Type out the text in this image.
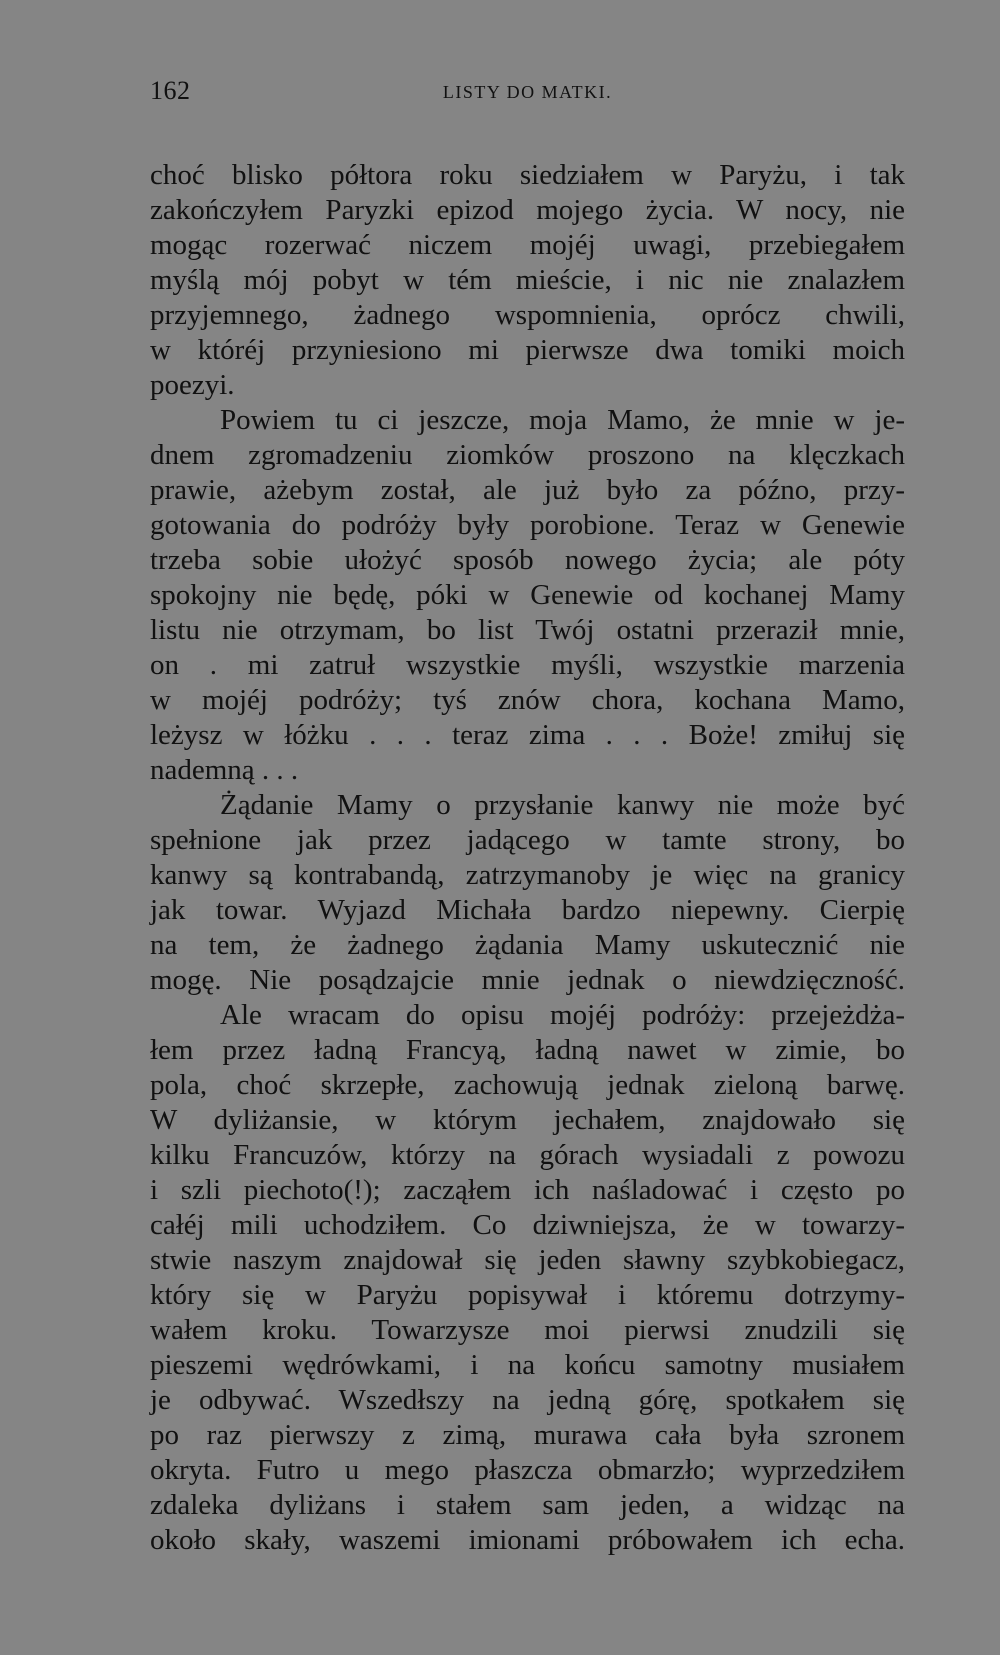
162	LISTY DO MATKI.
choć blisko półtora roku siedziałem w Paryżu, i tak
zakończyłem Paryzki epizod mojego życia. W nocy, nie
mogąc rozerwać niczem mojéj uwagi, przebiegałem
myślą mój pobyt w tém mieście, i nic nie znalazłem
przyjemnego, żadnego wspomnienia, oprócz chwili,
w któréj przyniesiono mi pierwsze dwa tomiki moich
poezyi.
Powiem tu ci jeszcze, moja Mamo, że mnie w je-
dnem zgromadzeniu ziomków proszono na klęczkach
prawie, ażebym został, ale już było za późno, przy-
gotowania do podróży były porobione. Teraz w Genewie
trzeba sobie ułożyć sposób nowego życia; ale póty
spokojny nie będę, póki w Genewie od kochanej Mamy
listu nie otrzymam, bo list Twój ostatni przeraził mnie,
on . mi zatruł wszystkie myśli, wszystkie marzenia
w mojéj podróży; tyś znów chora, kochana Mamo,
leżysz w łóżku . . . teraz zima . . . Boże! zmiłuj się
nademną . . .
Żądanie Mamy o przysłanie kanwy nie może być
spełnione jak przez jadącego w tamte strony, bo
kanwy są kontrabandą, zatrzymanoby je więc na granicy
jak towar. Wyjazd Michała bardzo niepewny. Cierpię
na tem, że żadnego żądania Mamy uskutecznić nie
mogę. Nie posądzajcie mnie jednak o niewdzięczność.
Ale wracam do opisu mojéj podróży: przejeżdża-
łem przez ładną Francyą, ładną nawet w zimie, bo
pola, choć skrzepłe, zachowują jednak zieloną barwę.
W dyliżansie, w którym jechałem, znajdowało się
kilku Francuzów, którzy na górach wysiadali z powozu
i szli piechoto(!); zacząłem ich naśladować i często po
całéj mili uchodziłem. Co dziwniejsza, że w towarzy-
stwie naszym znajdował się jeden sławny szybkobiegacz,
który się w Paryżu popisywał i któremu dotrzymy-
wałem kroku. Towarzysze moi pierwsi znudzili się
pieszemi wędrówkami, i na końcu samotny musiałem
je odbywać. Wszedłszy na jedną górę, spotkałem się
po raz pierwszy z zimą, murawa cała była szronem
okryta. Futro u mego płaszcza obmarzło; wyprzedziłem
zdaleka dyliżans i stałem sam jeden, a widząc na
około skały, waszemi imionami próbowałem ich echa.
